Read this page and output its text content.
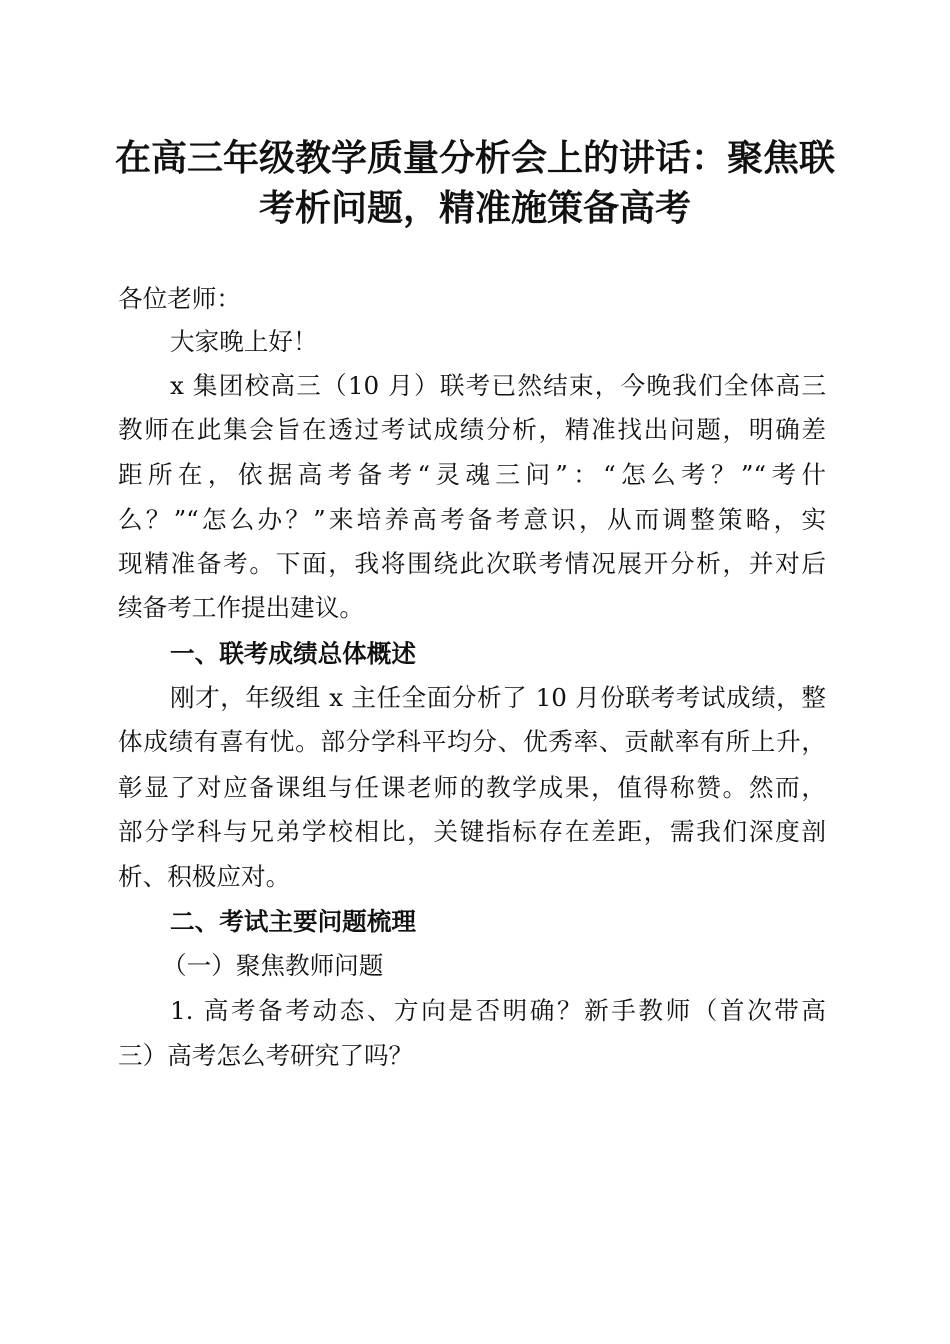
在高三年级教学质量分析会上的讲话：聚焦联
考析问题，精准施策备高考
各位老师：
大家晚上好！
x 集团校高三（10 月）联考已然结束，今晚我们全体高三
教师在此集会旨在透过考试成绩分析，精准找出问题，明确差
距所在，依据高考备考“灵魂三问”：“怎么考？”“考什
么？”“怎么办？”来培养高考备考意识，从而调整策略，实
现精准备考。下面，我将围绕此次联考情况展开分析，并对后
续备考工作提出建议。
一、联考成绩总体概述
刚才，年级组 x 主任全面分析了 10 月份联考考试成绩，整
体成绩有喜有忧。部分学科平均分、优秀率、贡献率有所上升，
彰显了对应备课组与任课老师的教学成果，值得称赞。然而，
部分学科与兄弟学校相比，关键指标存在差距，需我们深度剖
析、积极应对。
二、考试主要问题梳理
（一）聚焦教师问题
1. 高考备考动态、方向是否明确？新手教师（首次带高
三）高考怎么考研究了吗？
